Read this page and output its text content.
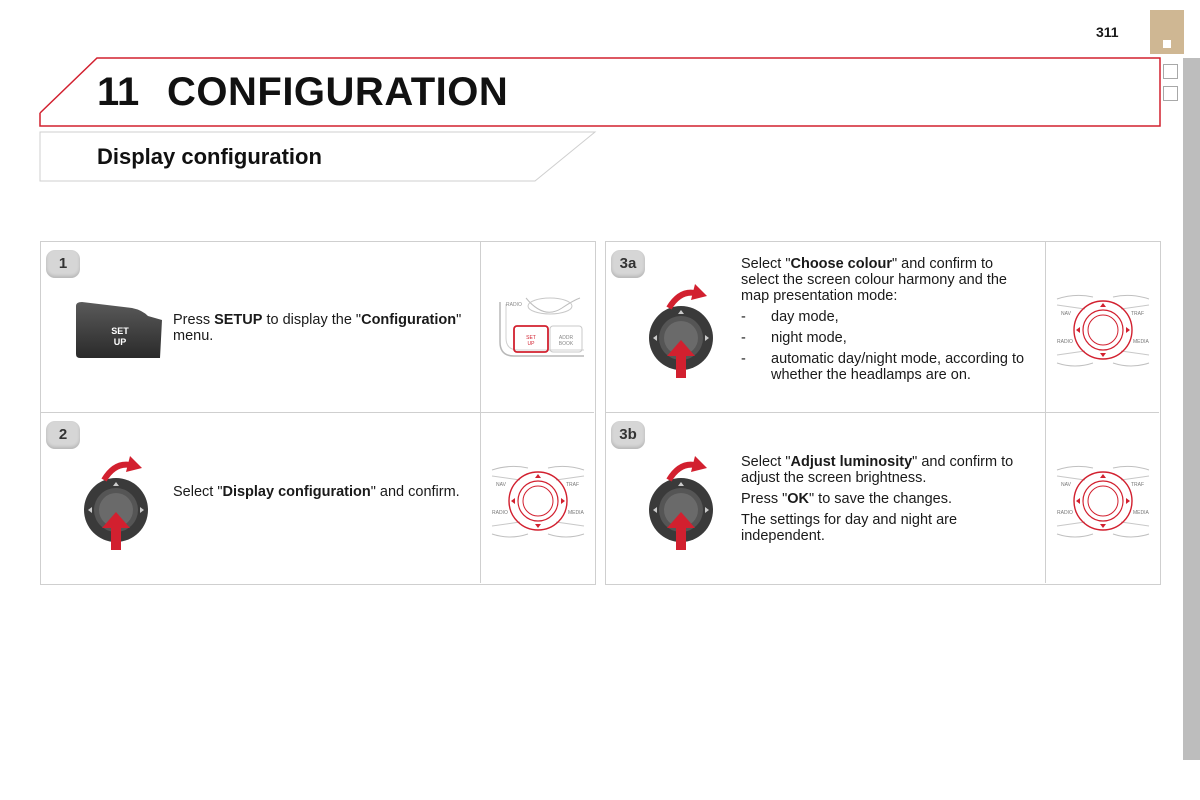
311
11 CONFIGURATION
Display configuration
1
SET
UP
Press SETUP to display the "Configuration" menu.
RADIO
SET
UP
ADDR
BOOK
2
Select "Display configuration" and confirm.	NAV	TRAF
RADIO	MEDIA
3a	Select "Choose colour" and confirm to select the screen colour harmony and the map presentation mode:

- day mode,
- night mode,
- automatic day/night mode, according to whether the headlamps are on.
NAV	TRAF
RADIO	MEDIA
3b

Select "Adjust luminosity" and confirm to adjust the screen brightness.

Press "OK" to save the changes.

The settings for day and night are independent.

NAV	TRAF
RADIO	MEDIA
